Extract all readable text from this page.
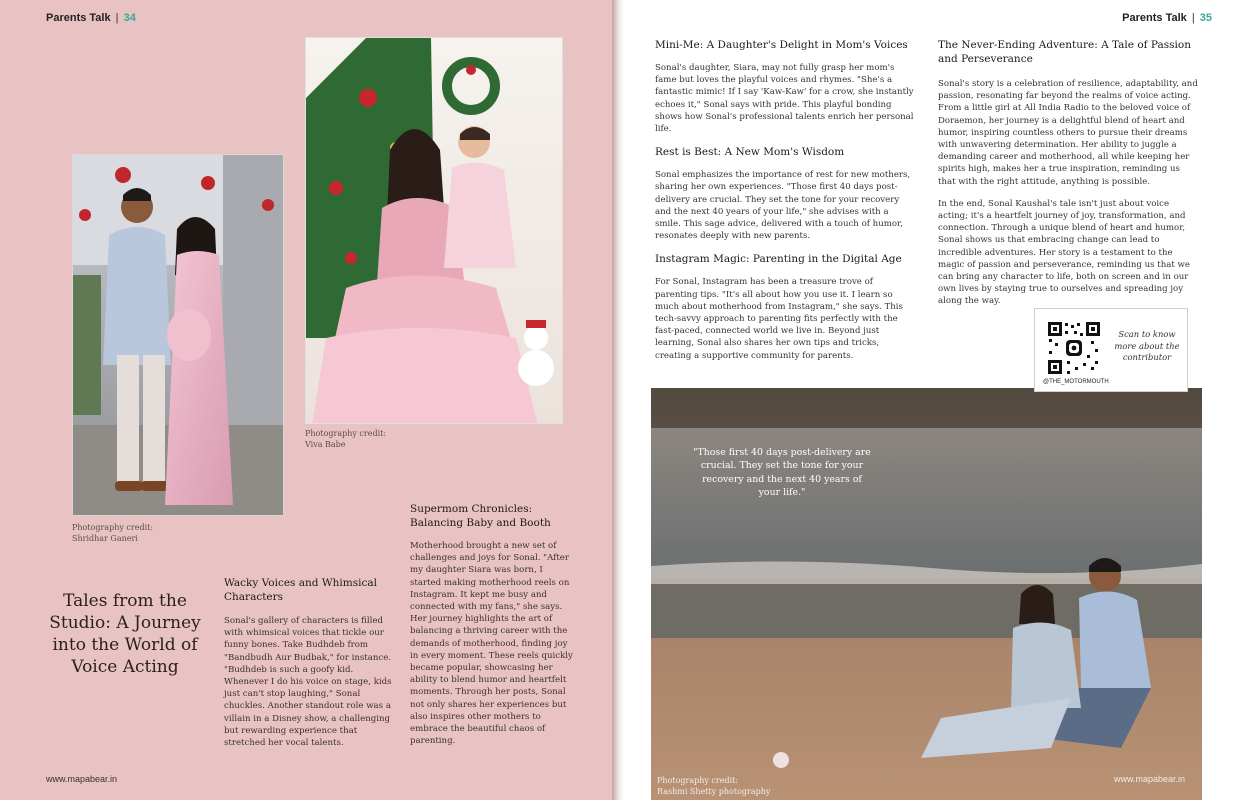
Parents Talk | 34
Photography credit:
Shridhar Ganeri
Photography credit:
Viva Babe
Tales from the Studio: A Journey into the World of Voice Acting
Wacky Voices and Whimsical Characters
Sonal's gallery of characters is filled with whimsical voices that tickle our funny bones. Take Budhdeb from "Bandbudh Aur Budbak," for instance. "Budhdeb is such a goofy kid. Whenever I do his voice on stage, kids just can't stop laughing," Sonal chuckles. Another standout role was a villain in a Disney show, a challenging but rewarding experience that stretched her vocal talents.
Supermom Chronicles: Balancing Baby and Booth
Motherhood brought a new set of challenges and joys for Sonal. "After my daughter Siara was born, I started making motherhood reels on Instagram. It kept me busy and connected with my fans," she says. Her journey highlights the art of balancing a thriving career with the demands of motherhood, finding joy in every moment. These reels quickly became popular, showcasing her ability to blend humor and heartfelt moments. Through her posts, Sonal not only shares her experiences but also inspires other mothers to embrace the beautiful chaos of parenting.
www.mapabear.in
Parents Talk | 35
Mini-Me: A Daughter's Delight in Mom's Voices
Sonal's daughter, Siara, may not fully grasp her mom's fame but loves the playful voices and rhymes. "She's a fantastic mimic! If I say 'Kaw-Kaw' for a crow, she instantly echoes it," Sonal says with pride. This playful bonding shows how Sonal's professional talents enrich her personal life.
Rest is Best: A New Mom's Wisdom
Sonal emphasizes the importance of rest for new mothers, sharing her own experiences. "Those first 40 days post-delivery are crucial. They set the tone for your recovery and the next 40 years of your life," she advises with a smile. This sage advice, delivered with a touch of humor, resonates deeply with new parents.
Instagram Magic: Parenting in the Digital Age
For Sonal, Instagram has been a treasure trove of parenting tips. "It's all about how you use it. I learn so much about motherhood from Instagram," she says. This tech-savvy approach to parenting fits perfectly with the fast-paced, connected world we live in. Beyond just learning, Sonal also shares her own tips and tricks, creating a supportive community for parents.
The Never-Ending Adventure: A Tale of Passion and Perseverance
Sonal's story is a celebration of resilience, adaptability, and passion, resonating far beyond the realms of voice acting. From a little girl at All India Radio to the beloved voice of Doraemon, her journey is a delightful blend of heart and humor, inspiring countless others to pursue their dreams with unwavering determination. Her ability to juggle a demanding career and motherhood, all while keeping her spirits high, makes her a true inspiration, reminding us that with the right attitude, anything is possible.
In the end, Sonal Kaushal's tale isn't just about voice acting; it's a heartfelt journey of joy, transformation, and connection. Through a unique blend of heart and humor, Sonal shows us that embracing change can lead to incredible adventures. Her story is a testament to the magic of passion and perseverance, reminding us that we can bring any character to life, both on screen and in our own lives by staying true to ourselves and spreading joy along the way.
"Those first 40 days post-delivery are crucial. They set the tone for your recovery and the next 40 years of your life."
@THE_MOTORMOUTH
Scan to know more about the contributor
Photography credit:
Rashmi Shetty photography
www.mapabear.in
